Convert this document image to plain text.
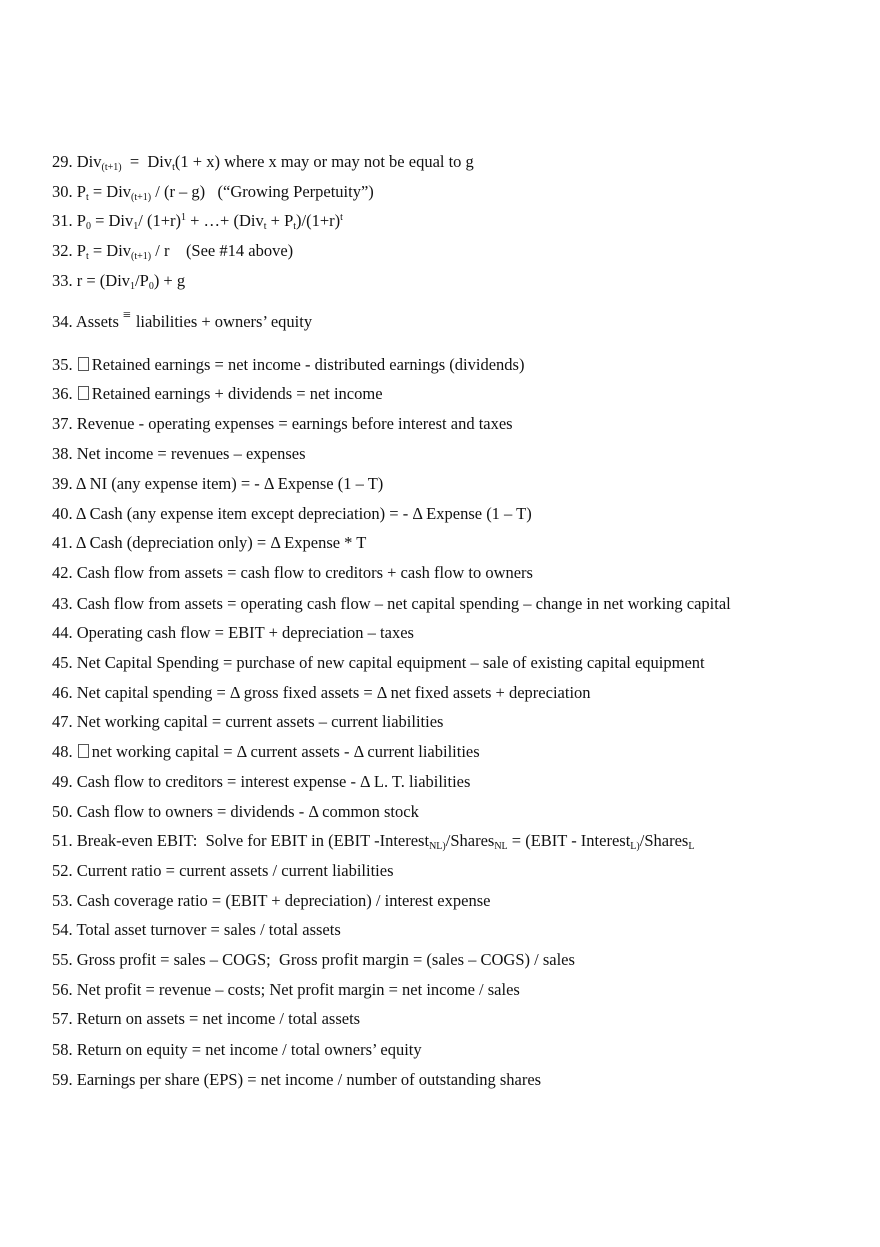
29. Div$_{(t+1)}$  =  Div$_t$(1 + x) where x may or may not be equal to g
30. $P_t = Div_{(t+1)} / (r - g)$   (“Growing Perpetuity”)
31. $P_0 = Div_1/$ $(1+r)^1$ + …+ $(Div_t + P_t)/(1+r)^t$
32. $P_t = Div_{(t+1)} / r$    (See #14 above)
33. $r = (Div_1/P_0) + g$
34. Assets ≡ liabilities + owners’ equity
35. Retained earnings = net income - distributed earnings (dividends)
36. Retained earnings + dividends = net income
37. Revenue - operating expenses = earnings before interest and taxes
38. Net income = revenues – expenses
39. Δ NI (any expense item) = - Δ Expense (1 – T)
40. Δ Cash (any expense item except depreciation) = - Δ Expense (1 – T)
41. Δ Cash (depreciation only) = Δ Expense * T
42. Cash flow from assets = cash flow to creditors + cash flow to owners
43. Cash flow from assets = operating cash flow – net capital spending – change in net working capital
44. Operating cash flow = EBIT + depreciation – taxes
45. Net Capital Spending = purchase of new capital equipment – sale of existing capital equipment
46. Net capital spending = Δ gross fixed assets = Δ net fixed assets + depreciation
47. Net working capital = current assets – current liabilities
48. net working capital = Δ current assets - Δ current liabilities
49. Cash flow to creditors = interest expense - Δ L. T. liabilities
50. Cash flow to owners = dividends - Δ common stock
51. Break-even EBIT:  Solve for EBIT in (EBIT -Interest$_{NL)}$/Shares$_{NL}$ = (EBIT - Interest$_{L)}$/Shares$_L$
52. Current ratio = current assets / current liabilities
53. Cash coverage ratio = (EBIT + depreciation) / interest expense
54. Total asset turnover = sales / total assets
55. Gross profit = sales – COGS;  Gross profit margin = (sales – COGS) / sales
56. Net profit = revenue – costs; Net profit margin = net income / sales
57. Return on assets = net income / total assets
58. Return on equity = net income / total owners’ equity
59. Earnings per share (EPS) = net income / number of outstanding shares
